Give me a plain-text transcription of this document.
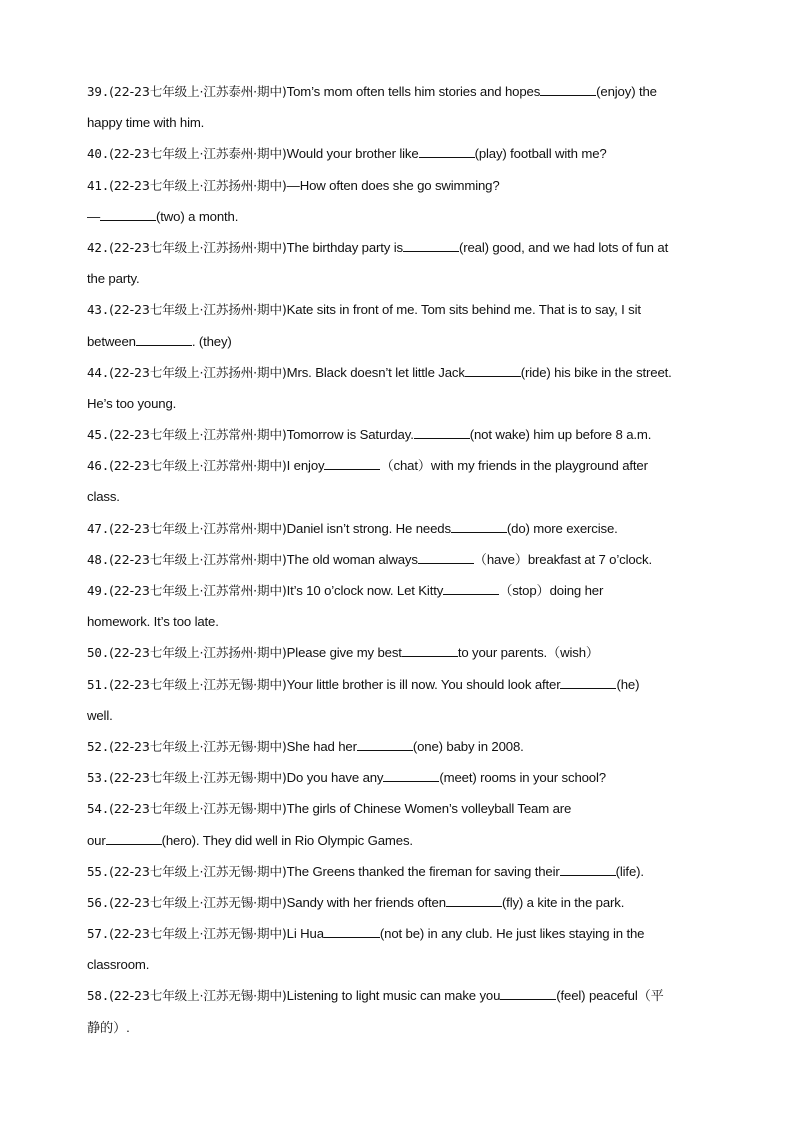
39.(22-23七年级上·江苏泰州·期中)Tom’s mom often tells him stories and hopes	(enjoy) the
happy time with him.
40.(22-23七年级上·江苏泰州·期中)Would your brother like	(play) football with me?
41.(22-23七年级上·江苏扬州·期中)—How often does she go swimming?
—	(two) a month.
42.(22-23七年级上·江苏扬州·期中)The birthday party is	(real) good, and we had lots of fun at
the party.
43.(22-23七年级上·江苏扬州·期中)Kate sits in front of me. Tom sits behind me. That is to say, I sit
between	. (they)
44.(22-23七年级上·江苏扬州·期中)Mrs. Black doesn’t let little Jack	(ride) his bike in the street.
He’s too young.
45.(22-23七年级上·江苏常州·期中)Tomorrow is Saturday.	(not wake) him up before 8 a.m.
46.(22-23七年级上·江苏常州·期中)I enjoy	（chat）with my friends in the playground after
class.
47.(22-23七年级上·江苏常州·期中)Daniel isn’t strong. He needs	(do) more exercise.
48.(22-23七年级上·江苏常州·期中)The old woman always	（have）breakfast at 7 o’clock.
49.(22-23七年级上·江苏常州·期中)It’s 10 o’clock now. Let Kitty	（stop）doing her
homework. It’s too late.
50.(22-23七年级上·江苏扬州·期中)Please give my best	to your parents.（wish）
51.(22-23七年级上·江苏无锡·期中)Your little brother is ill now. You should look after	(he)
well.
52.(22-23七年级上·江苏无锡·期中)She had her	(one) baby in 2008.
53.(22-23七年级上·江苏无锡·期中)Do you have any	(meet) rooms in your school?
54.(22-23七年级上·江苏无锡·期中)The girls of Chinese Women’s volleyball Team are
our	(hero). They did well in Rio Olympic Games.
55.(22-23七年级上·江苏无锡·期中)The Greens thanked the fireman for saving their	(life).
56.(22-23七年级上·江苏无锡·期中)Sandy with her friends often	(fly) a kite in the park.
57.(22-23七年级上·江苏无锡·期中)Li Hua	(not be) in any club. He just likes staying in the
classroom.
58.(22-23七年级上·江苏无锡·期中)Listening to light music can make you	(feel) peaceful（平
静的）.
